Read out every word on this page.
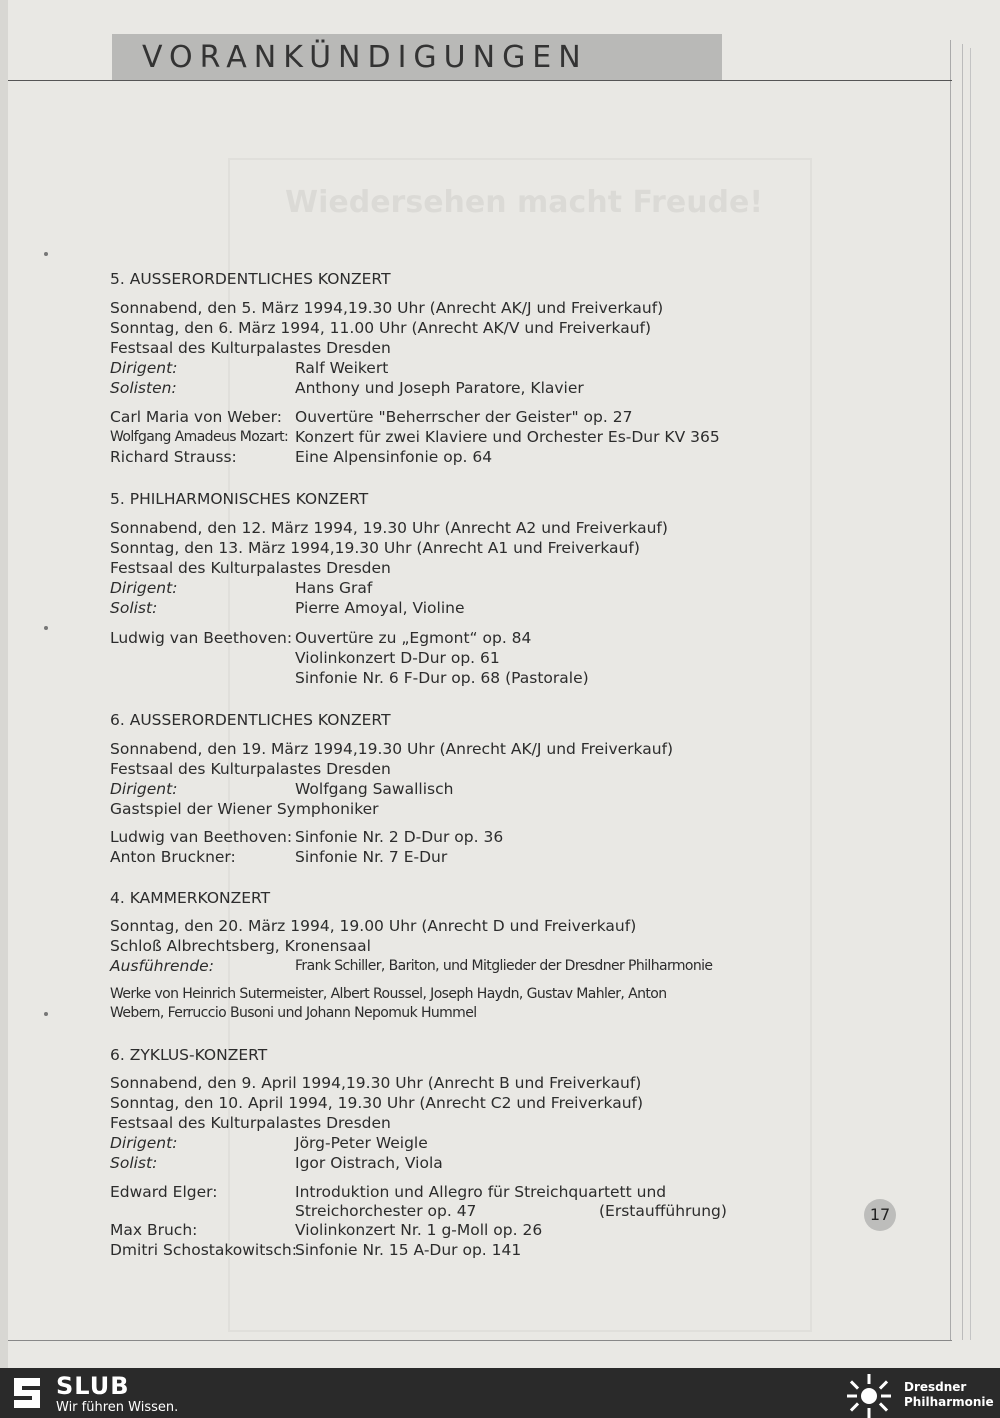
Wiedersehen macht Freude!
VORANKÜNDIGUNGEN
5. AUSSERORDENTLICHES KONZERT
Sonnabend, den 5. März 1994,19.30 Uhr (Anrecht AK/J und Freiverkauf)
Sonntag, den 6. März 1994, 11.00 Uhr (Anrecht AK/V und Freiverkauf)
Festsaal des Kulturpalastes Dresden
Dirigent:	Ralf Weikert
Solisten:	Anthony und Joseph Paratore, Klavier
Carl Maria von Weber: Ouvertüre "Beherrscher der Geister" op. 27
Wolfgang Amadeus Mozart: Konzert für zwei Klaviere und Orchester Es-Dur KV 365
Richard Strauss:	Eine Alpensinfonie op. 64
5. PHILHARMONISCHES KONZERT
Sonnabend, den 12. März 1994, 19.30 Uhr (Anrecht A2 und Freiverkauf)
Sonntag, den 13. März 1994,19.30 Uhr (Anrecht A1 und Freiverkauf)
Festsaal des Kulturpalastes Dresden
Dirigent:	Hans Graf
Solist:	Pierre Amoyal, Violine
Ludwig van Beethoven: Ouvertüre zu „Egmont“ op. 84
Violinkonzert D-Dur op. 61
Sinfonie Nr. 6 F-Dur op. 68 (Pastorale)
6. AUSSERORDENTLICHES KONZERT
Sonnabend, den 19. März 1994,19.30 Uhr (Anrecht AK/J und Freiverkauf)
Festsaal des Kulturpalastes Dresden
Dirigent:	Wolfgang Sawallisch
Gastspiel der Wiener Symphoniker
Ludwig van Beethoven: Sinfonie Nr. 2 D-Dur op. 36
Anton Bruckner:	Sinfonie Nr. 7 E-Dur
4. KAMMERKONZERT
Sonntag, den 20. März 1994, 19.00 Uhr (Anrecht D und Freiverkauf)
Schloß Albrechtsberg, Kronensaal
Ausführende:	Frank Schiller, Bariton, und Mitglieder der Dresdner Philharmonie
Werke von Heinrich Sutermeister, Albert Roussel, Joseph Haydn, Gustav Mahler, Anton
Webern, Ferruccio Busoni und Johann Nepomuk Hummel
6. ZYKLUS-KONZERT
Sonnabend, den 9. April 1994,19.30 Uhr (Anrecht B und Freiverkauf)
Sonntag, den 10. April 1994, 19.30 Uhr (Anrecht C2 und Freiverkauf)
Festsaal des Kulturpalastes Dresden
Dirigent:	Jörg-Peter Weigle
Solist:	Igor Oistrach, Viola
Edward Elger:	Introduktion und Allegro für Streichquartett und
Streichorchester op. 47	(Erstaufführung)
Max Bruch:	Violinkonzert Nr. 1 g-Moll op. 26
Dmitri Schostakowitsch:
Sinfonie Nr. 15 A-Dur op. 141
17
SLUB
Wir führen Wissen.
Dresdner
Philharmonie
